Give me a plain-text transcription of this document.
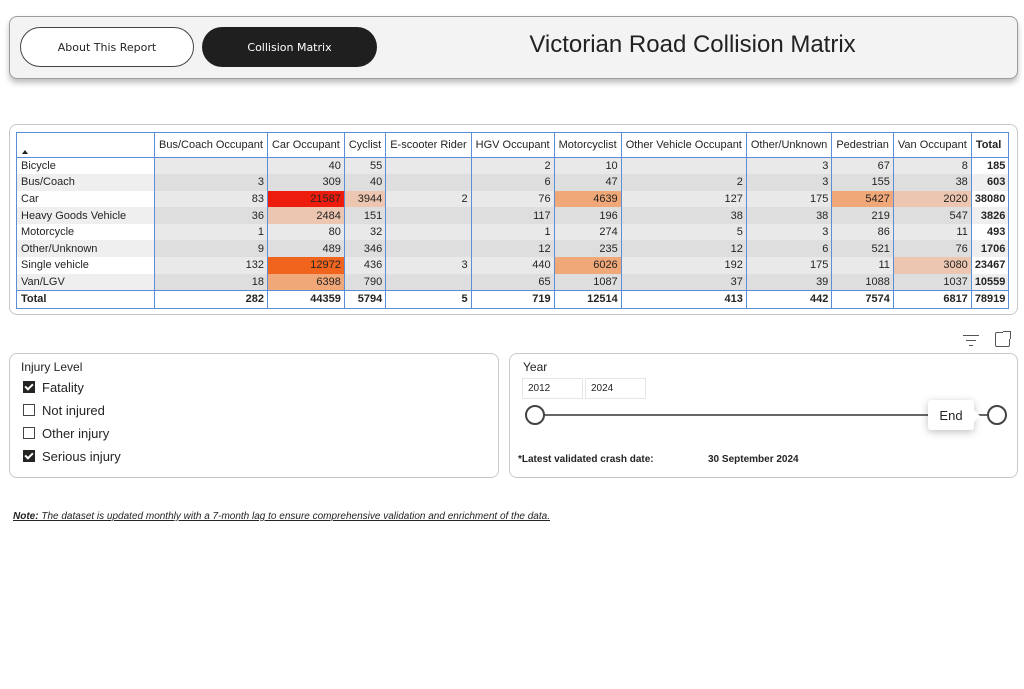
About This Report	Collision Matrix	Victorian Road Collision Matrix
	Bus/Coach Occupant	Car Occupant	Cyclist	E-scooter Rider	HGV Occupant	Motorcyclist	Other Vehicle Occupant	Other/Unknown	Pedestrian	Van Occupant	Total
Bicycle		40	55		2	10		3	67	8	185
Bus/Coach	3	309	40		6	47	2	3	155	38	603
Car	83	21587	3944	2	76	4639	127	175	5427	2020	38080
Heavy Goods Vehicle	36	2484	151		117	196	38	38	219	547	3826
Motorcycle	1	80	32		1	274	5	3	86	11	493
Other/Unknown	9	489	346		12	235	12	6	521	76	1706
Single vehicle	132	12972	436	3	440	6026	192	175	11	3080	23467
Van/LGV	18	6398	790		65	1087	37	39	1088	1037	10559
Total	282	44359	5794	5	719	12514	413	442	7574	6817	78919
Injury Level
Fatality
Not injured
Other injury
Serious injury
Year
2012	2024
End
*Latest validated crash date:	30 September 2024
Note: The dataset is updated monthly with a 7-month lag to ensure comprehensive validation and enrichment of the data.
